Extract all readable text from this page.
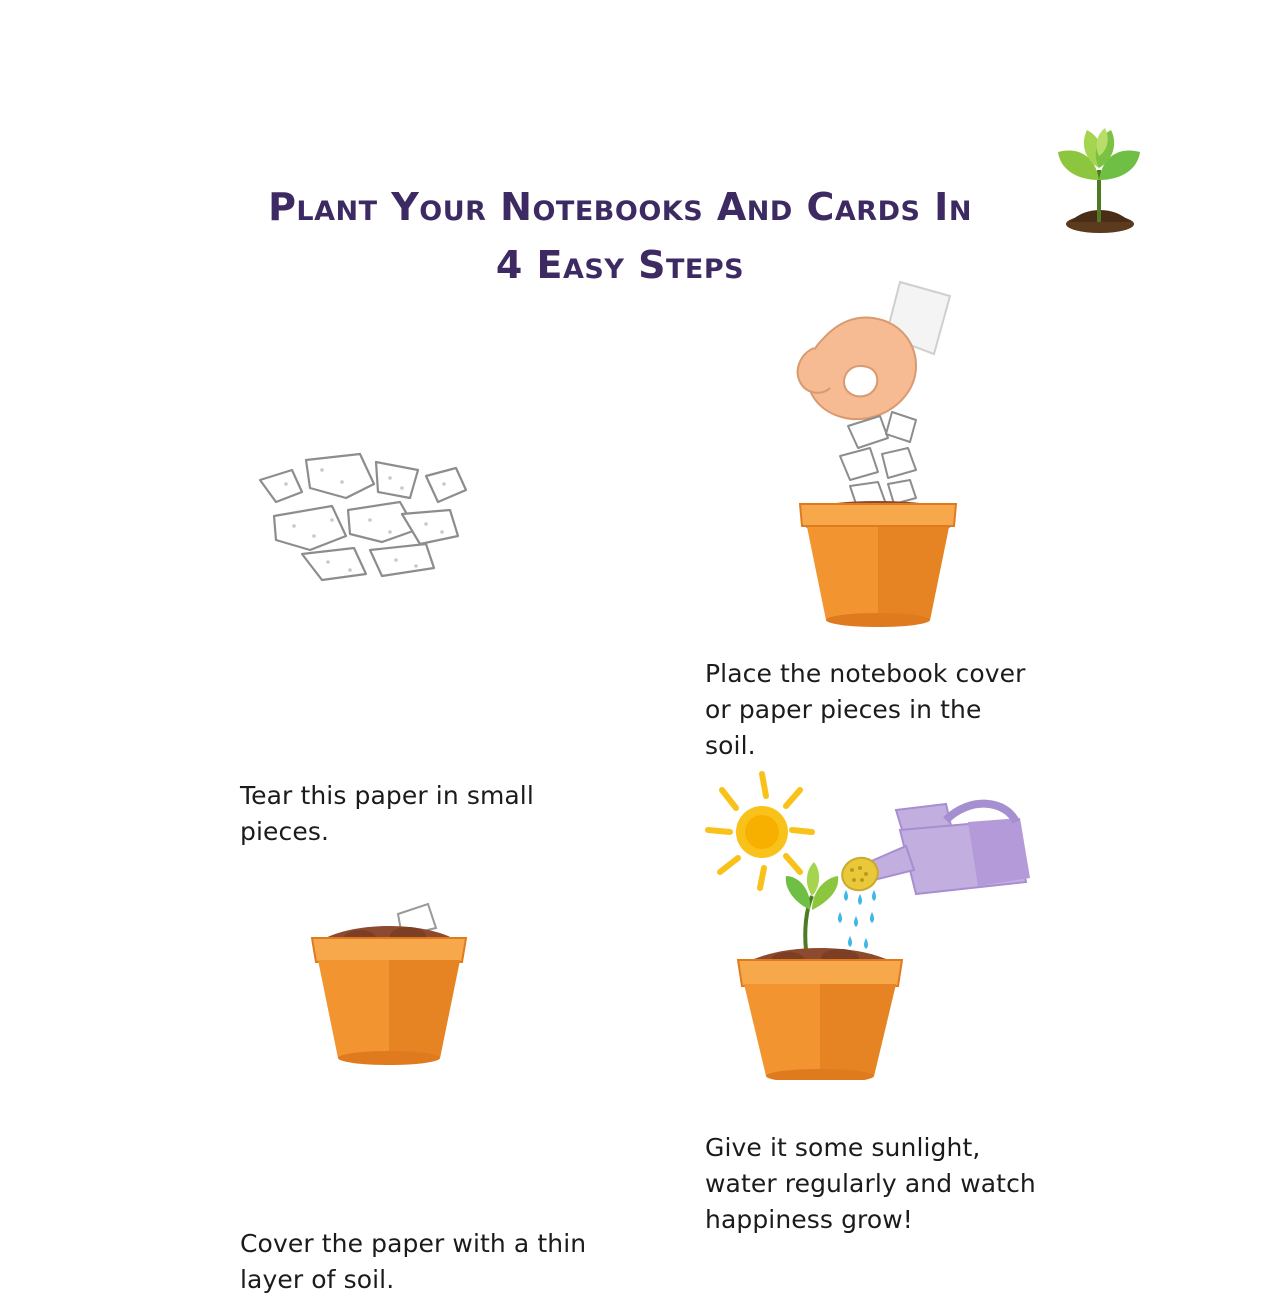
Plant Your Notebooks And Cards In
4 Easy Steps
Tear this paper in small pieces.
Place the notebook cover or paper pieces in the soil.
Cover the paper with a thin layer of soil.
Give it some sunlight, water regularly and watch happiness grow!
